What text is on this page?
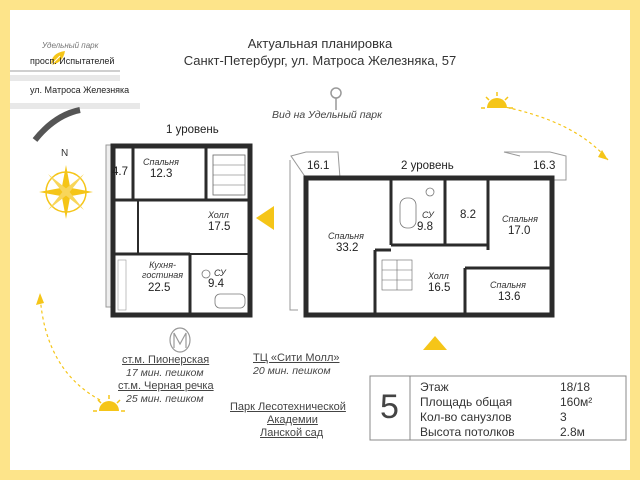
Актуальная планировка
Санкт-Петербург, ул. Матроса Железняка, 57
Удельный парк
просп. Испытателей
ул. Матроса Железняка
N
Вид на Удельный парк
1 уровень
2 уровень
4.7
Спальня
12.3
Холл
17.5
Кухня-
гостиная
22.5
СУ
9.4
16.1	16.3
Спальня
33.2
СУ
9.8
8.2	Спальня
17.0
Холл
16.5	Спальня
13.6
ст.м. Пионерская
17 мин. пешком
ст.м. Черная речка
25 мин. пешком
ТЦ «Сити Молл»
20 мин. пешком
Парк Лесотехнической
Академии
Ланской сад
5
Этаж	18/18
Площадь общая	160м²
Кол-во санузлов	3
Высота потолков	2.8м
